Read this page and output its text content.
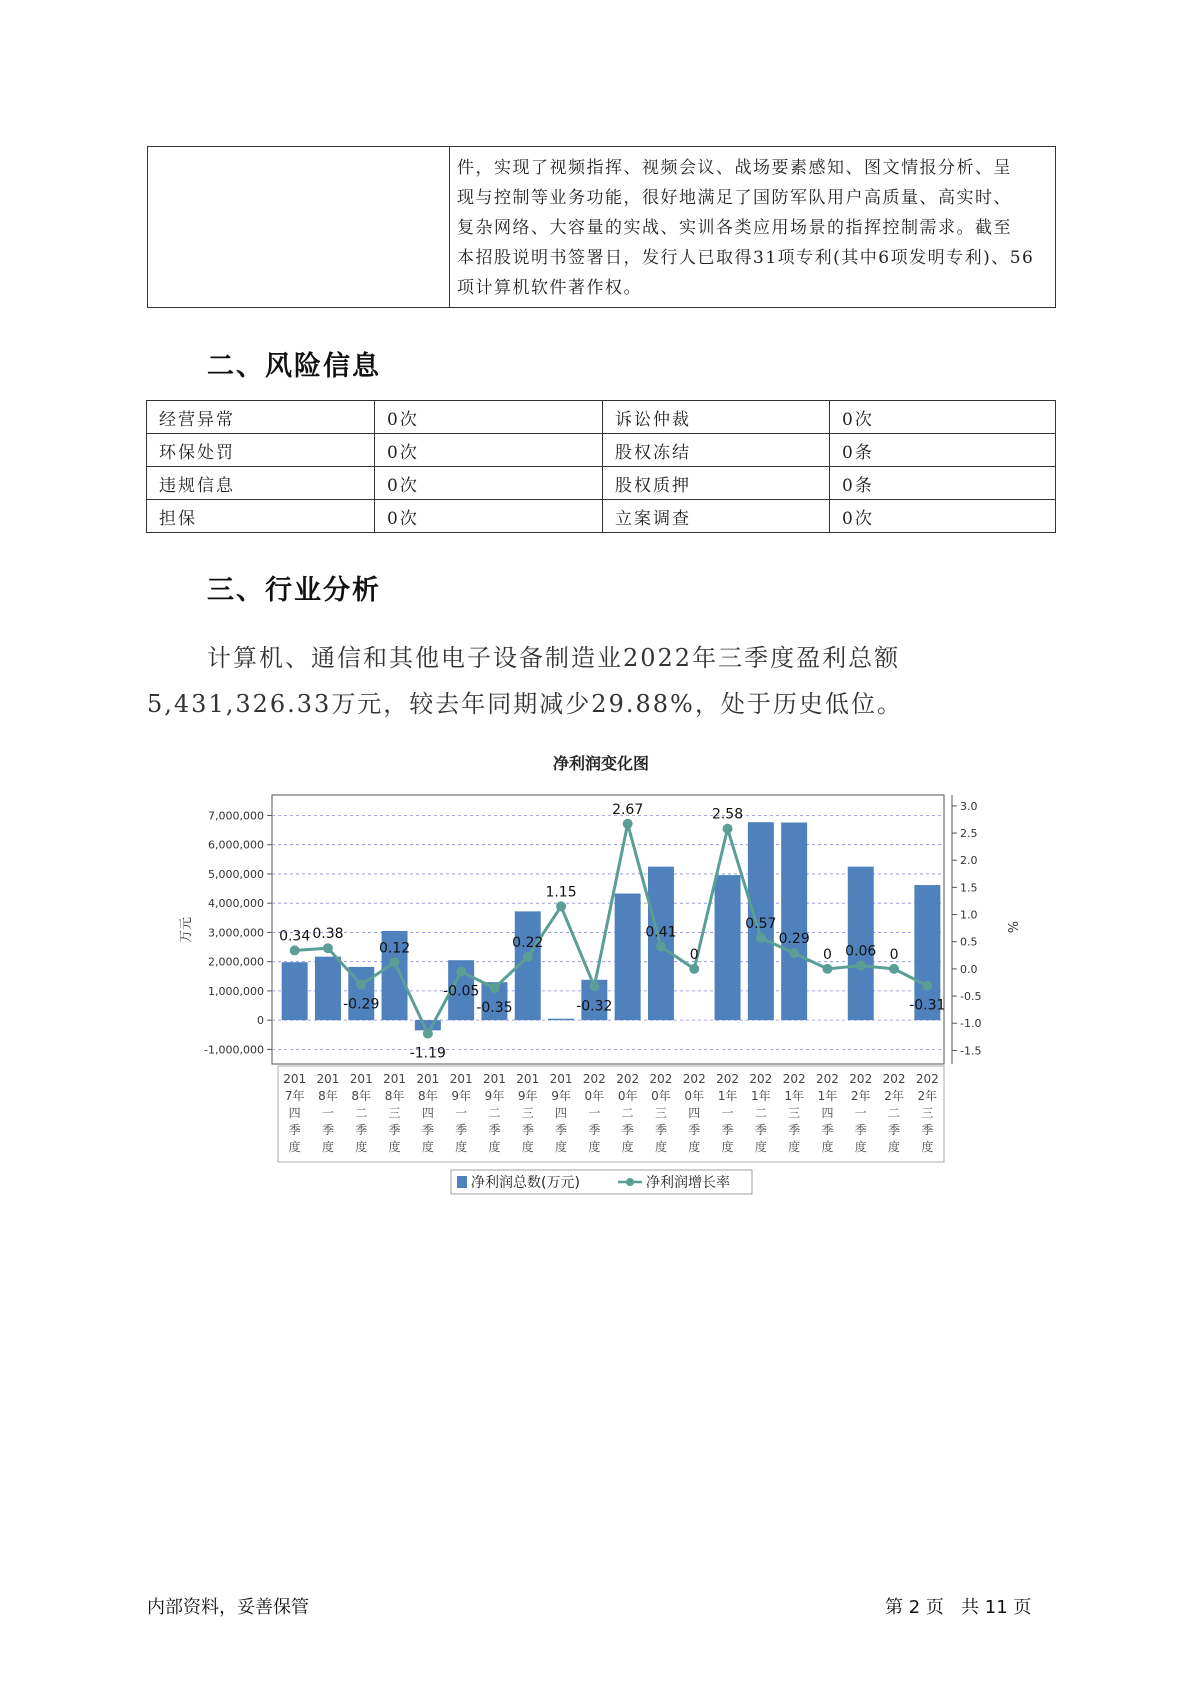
件，实现了视频指挥、视频会议、战场要素感知、图文情报分析、呈

现与控制等业务功能，很好地满足了国防军队用户高质量、高实时、

复杂网络、大容量的实战、实训各类应用场景的指挥控制需求。截至

本招股说明书签署日，发行人已取得31项专利(其中6项发明专利)、56

项计算机软件著作权。

二、风险信息
经营异常	0次	诉讼仲裁	0次
环保处罚	0次	股权冻结	0条
违规信息	0次	股权质押	0条
担保	0次	立案调查	0次
三、行业分析
计算机、通信和其他电子设备制造业2022年三季度盈利总额
5,431,326.33万元，较去年同期减少29.88%，处于历史低位。
净利润变化图
0.34 0.38
-0.29
0.12
-1.19
-0.05
-0.35
0.22
1.15
-0.32
2.67
0.41
0
2.58
0.57
0.29
0 0.06 0
-0.31
7,000,000
6,000,000
5,000,000
4,000,000
3,000,000
2,000,000
1,000,000
0
-1,000,000
3.0
2.5
2.0
1.5
1.0
0.5
0.0
-0.5
-1.0
-1.5
201 7年四季度
201 8年一季度
201 8年二季度
201 8年三季度
201 8年四季度
201 9年一季度
201 9年二季度
201 9年三季度
201 9年四季度
202 0年一季度
202 0年二季度
202 0年三季度
202 0年四季度
202 1年一季度
202 1年二季度
202 1年三季度
202 1年四季度
202 2年一季度
202 2年二季度
202 2年三季度
万元	%
净利润总数(万元)	净利润增长率
内部资料，妥善保管	第 2 页   共 11 页
